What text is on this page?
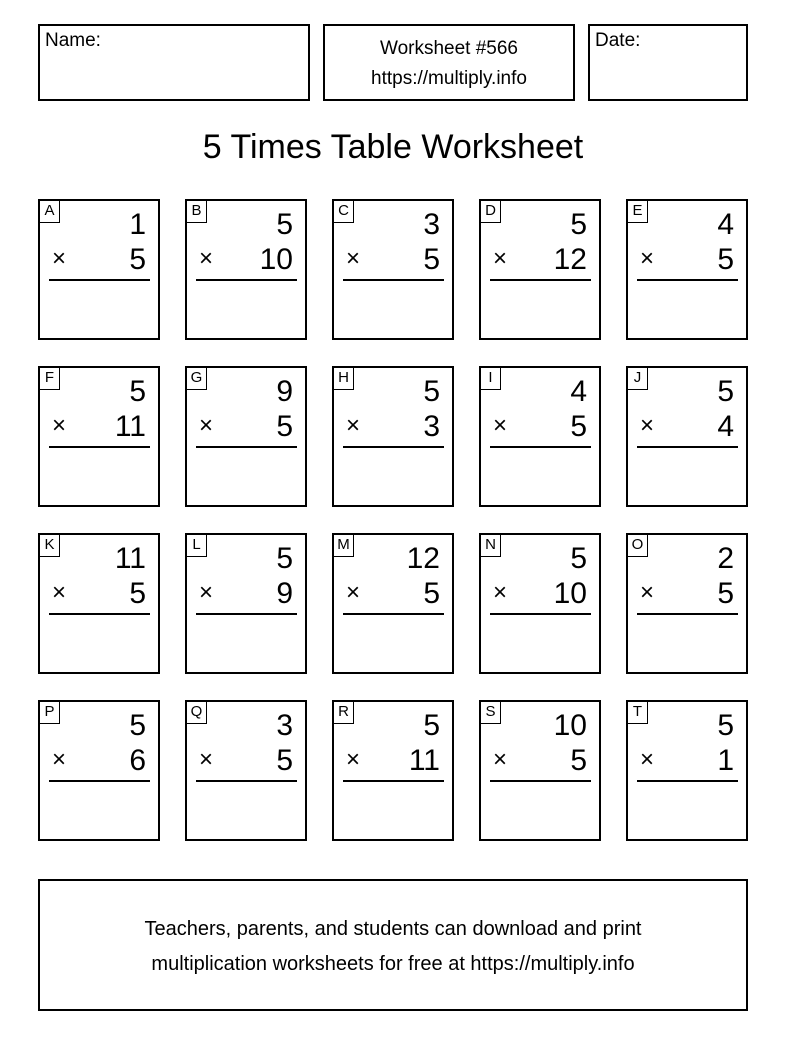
Name:	Worksheet #566
https://multiply.info
Date:
5 Times Table Worksheet
A 1
× 5
B 5
× 10
C 3
× 5
D 5
× 12
E 4
× 5
F	5
× 11
G 9
× 5
H 5
× 3
I	4
× 5
J	5
× 4
K 11
× 5
L	5
× 9
M 12
× 5
N 5
× 10
O 2
× 5
P 5
× 6
Q 3
× 5
R 5
× 11
S 10
× 5
T	5
× 1
Teachers, parents, and students can download and print
multiplication worksheets for free at https://multiply.info
